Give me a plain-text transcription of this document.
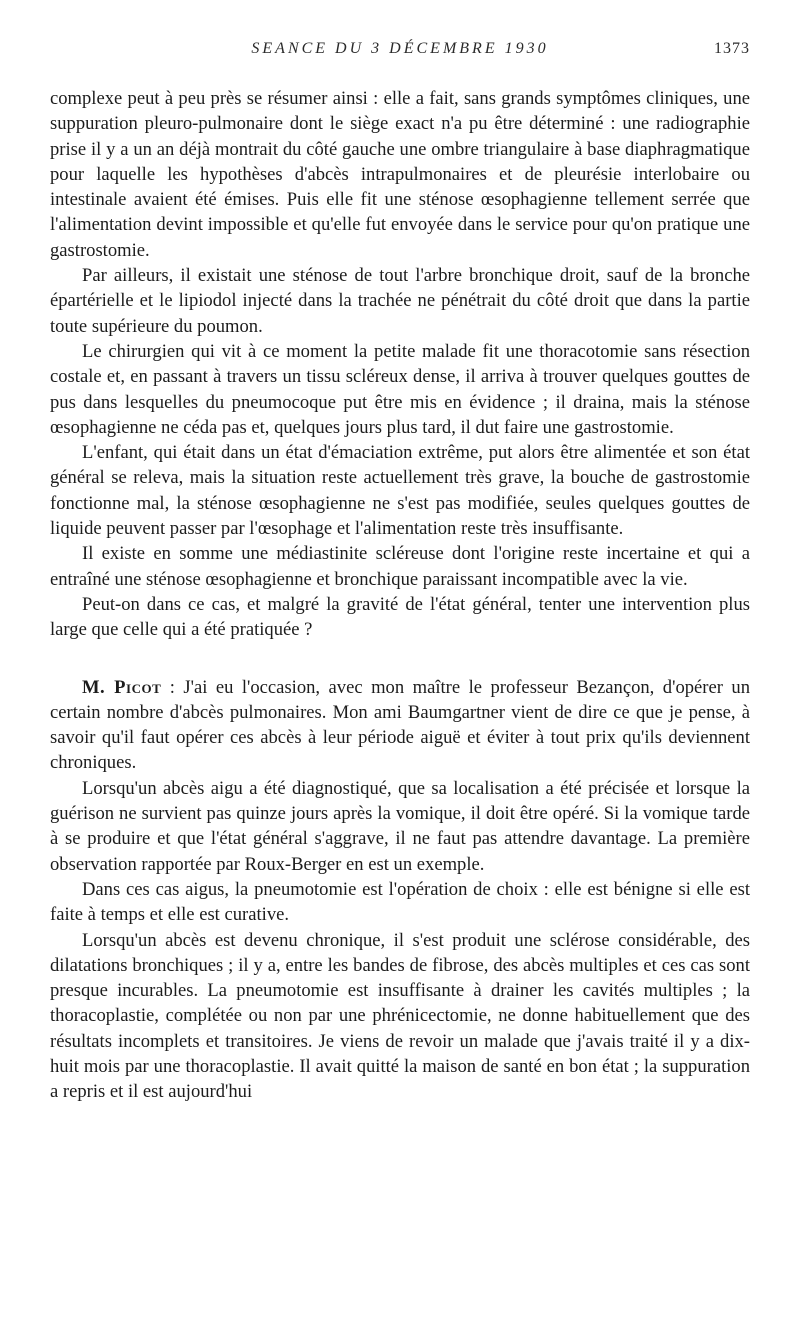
SEANCE DU 3 DÉCEMBRE 1930	1373

complexe peut à peu près se résumer ainsi : elle a fait, sans grands symptômes cliniques, une suppuration pleuro-pulmonaire dont le siège exact n'a pu être déterminé : une radiographie prise il y a un an déjà montrait du côté gauche une ombre triangulaire à base diaphragmatique pour laquelle les hypothèses d'abcès intrapulmonaires et de pleurésie interlobaire ou intestinale avaient été émises. Puis elle fit une sténose œsophagienne tellement serrée que l'alimentation devint impossible et qu'elle fut envoyée dans le service pour qu'on pratique une gastrostomie.

Par ailleurs, il existait une sténose de tout l'arbre bronchique droit, sauf de la bronche épartérielle et le lipiodol injecté dans la trachée ne pénétrait du côté droit que dans la partie toute supérieure du poumon.

Le chirurgien qui vit à ce moment la petite malade fit une thoracotomie sans résection costale et, en passant à travers un tissu scléreux dense, il arriva à trouver quelques gouttes de pus dans lesquelles du pneumocoque put être mis en évidence ; il draina, mais la sténose œsophagienne ne céda pas et, quelques jours plus tard, il dut faire une gastrostomie.

L'enfant, qui était dans un état d'émaciation extrême, put alors être alimentée et son état général se releva, mais la situation reste actuellement très grave, la bouche de gastrostomie fonctionne mal, la sténose œsophagienne ne s'est pas modifiée, seules quelques gouttes de liquide peuvent passer par l'œsophage et l'alimentation reste très insuffisante.

Il existe en somme une médiastinite scléreuse dont l'origine reste incertaine et qui a entraîné une sténose œsophagienne et bronchique paraissant incompatible avec la vie.

Peut-on dans ce cas, et malgré la gravité de l'état général, tenter une intervention plus large que celle qui a été pratiquée ?

M. Picot : J'ai eu l'occasion, avec mon maître le professeur Bezançon, d'opérer un certain nombre d'abcès pulmonaires. Mon ami Baumgartner vient de dire ce que je pense, à savoir qu'il faut opérer ces abcès à leur période aiguë et éviter à tout prix qu'ils deviennent chroniques.

Lorsqu'un abcès aigu a été diagnostiqué, que sa localisation a été précisée et lorsque la guérison ne survient pas quinze jours après la vomique, il doit être opéré. Si la vomique tarde à se produire et que l'état général s'aggrave, il ne faut pas attendre davantage. La première observation rapportée par Roux-Berger en est un exemple.

Dans ces cas aigus, la pneumotomie est l'opération de choix : elle est bénigne si elle est faite à temps et elle est curative.

Lorsqu'un abcès est devenu chronique, il s'est produit une sclérose considérable, des dilatations bronchiques ; il y a, entre les bandes de fibrose, des abcès multiples et ces cas sont presque incurables. La pneumotomie est insuffisante à drainer les cavités multiples ; la thoracoplastie, complétée ou non par une phrénicectomie, ne donne habituellement que des résultats incomplets et transitoires. Je viens de revoir un malade que j'avais traité il y a dix-huit mois par une thoracoplastie. Il avait quitté la maison de santé en bon état ; la suppuration a repris et il est aujourd'hui
